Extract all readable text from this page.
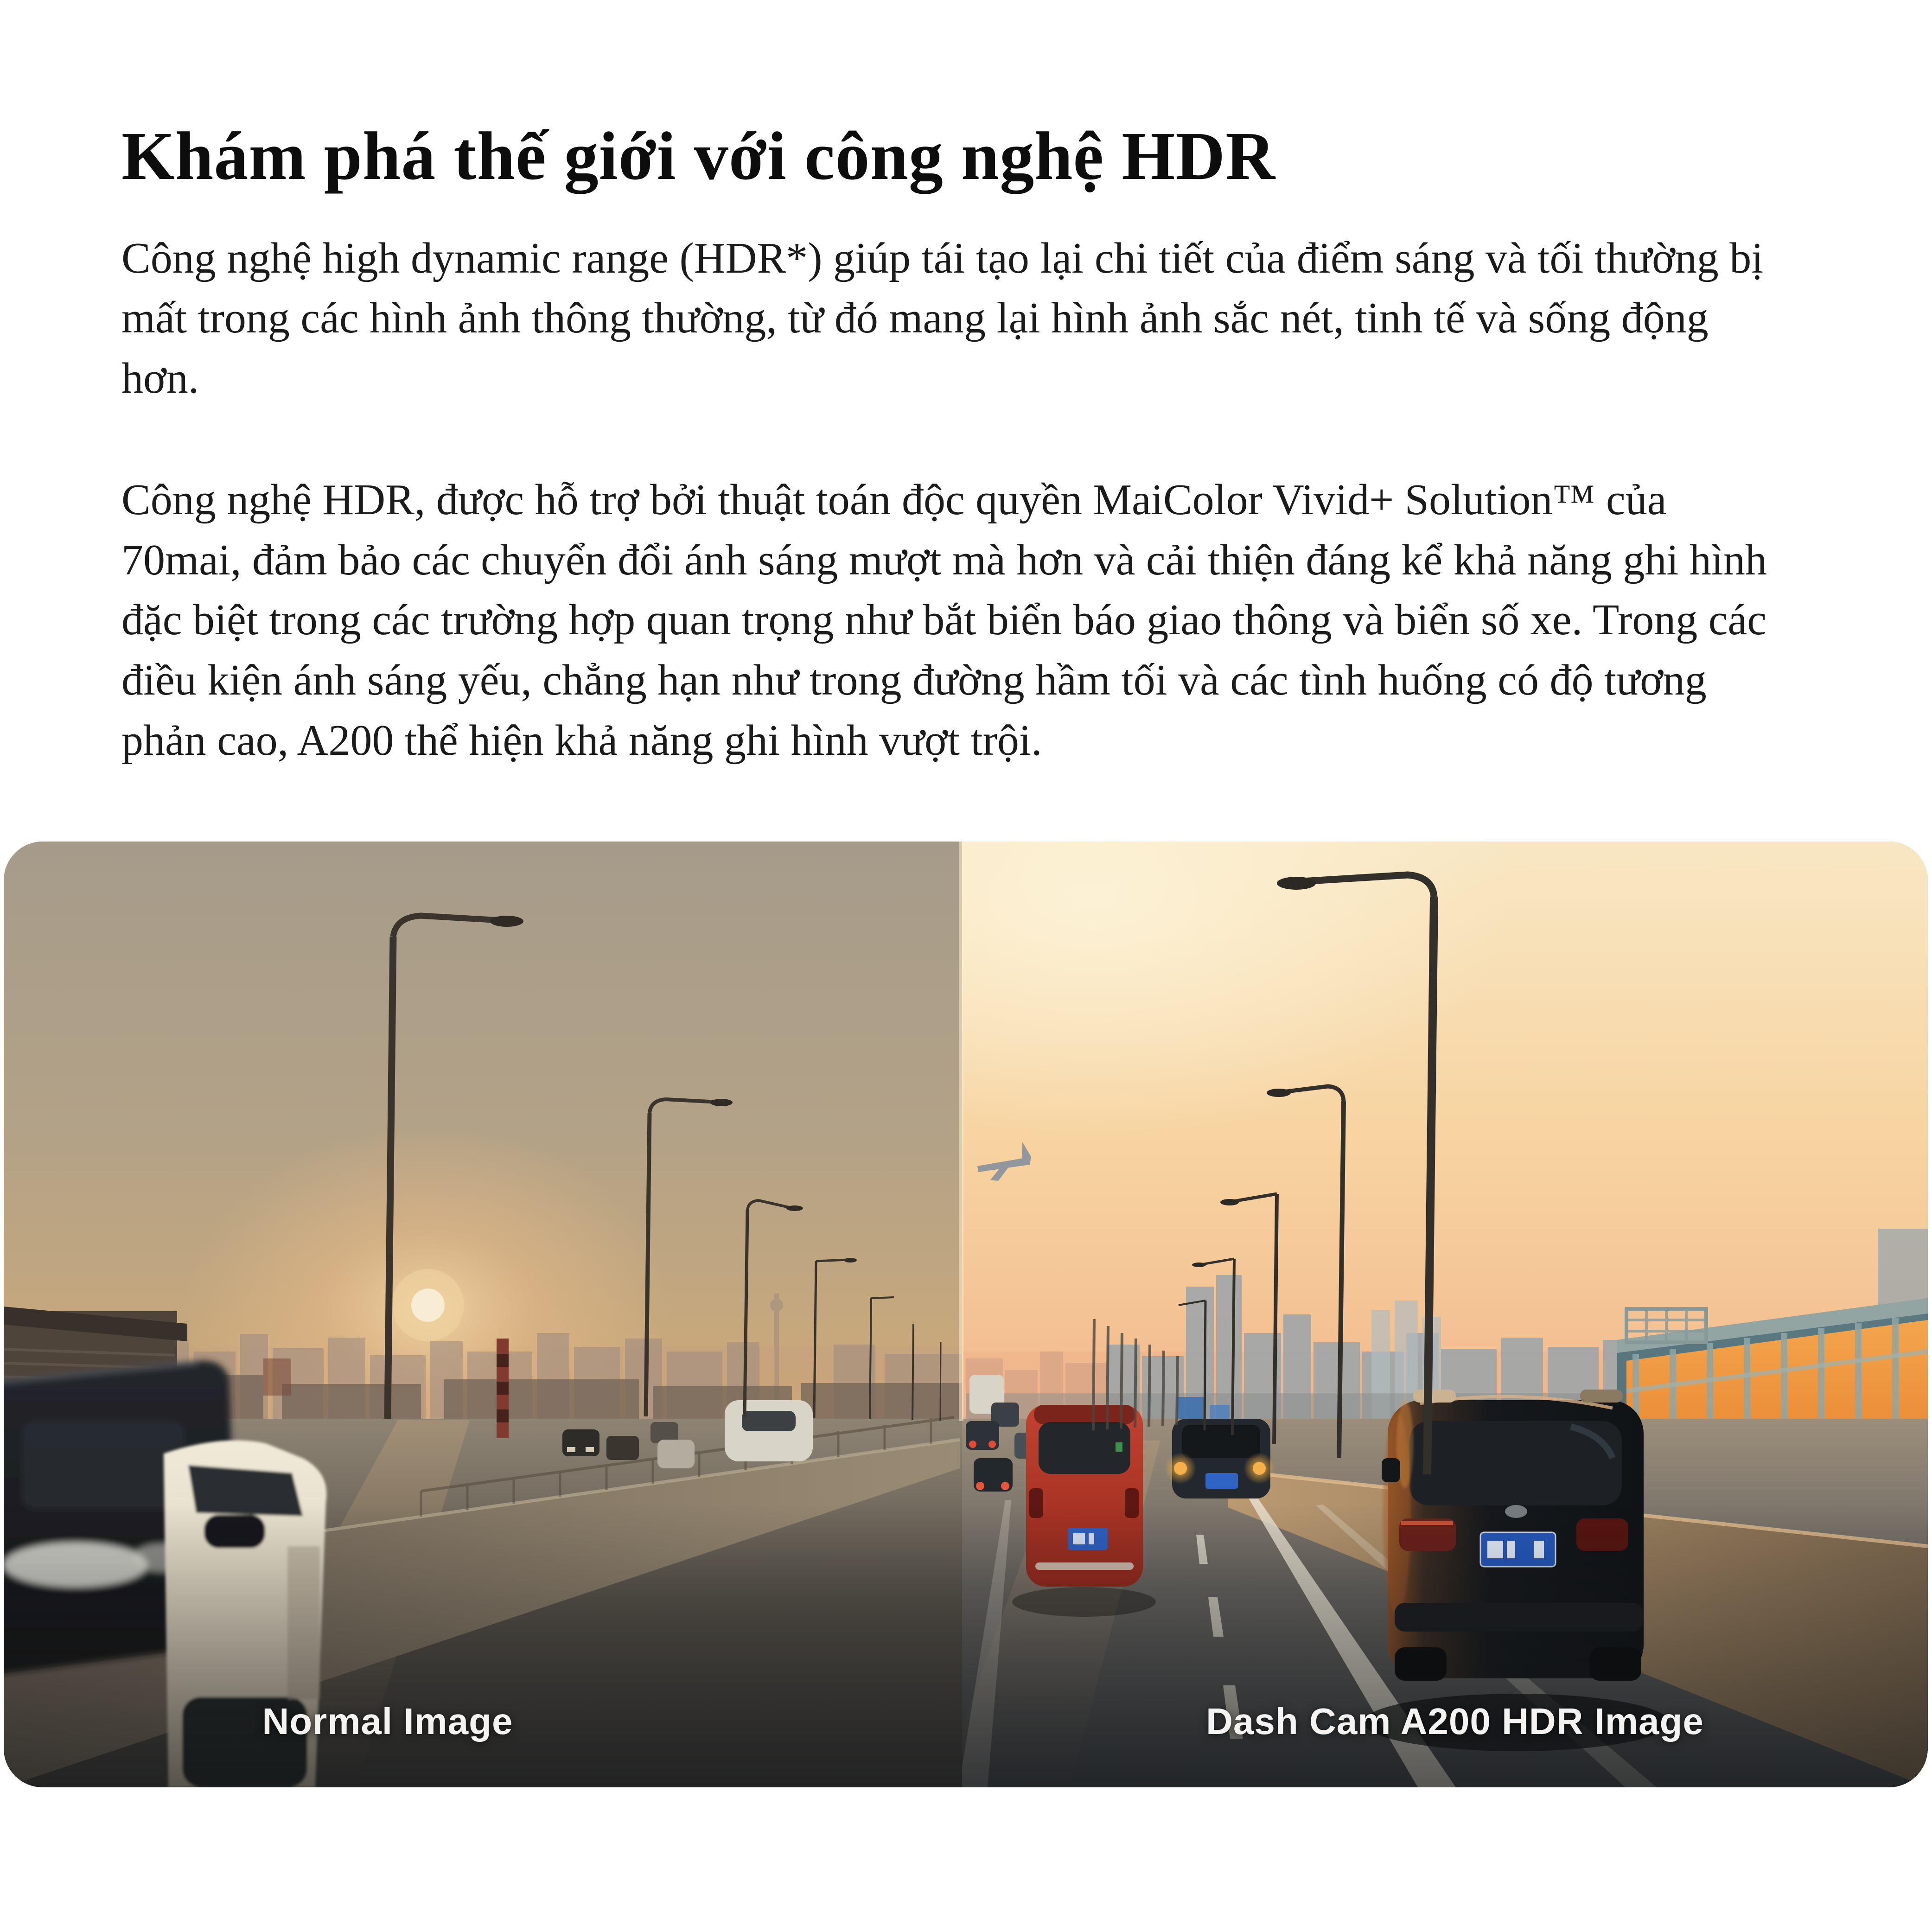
Khám phá thế giới với công nghệ HDR

Công nghệ high dynamic range (HDR*) giúp tái tạo lại chi tiết của điểm sáng và tối thường bị mất trong các hình ảnh thông thường, từ đó mang lại hình ảnh sắc nét, tinh tế và sống động hơn.

Công nghệ HDR, được hỗ trợ bởi thuật toán độc quyền MaiColor Vivid+ Solution™ của 70mai, đảm bảo các chuyển đổi ánh sáng mượt mà hơn và cải thiện đáng kể khả năng ghi hình đặc biệt trong các trường hợp quan trọng như bắt biển báo giao thông và biển số xe. Trong các điều kiện ánh sáng yếu, chẳng hạn như trong đường hầm tối và các tình huống có độ tương phản cao, A200 thể hiện khả năng ghi hình vượt trội.

Normal Image	Dash Cam A200 HDR Image
